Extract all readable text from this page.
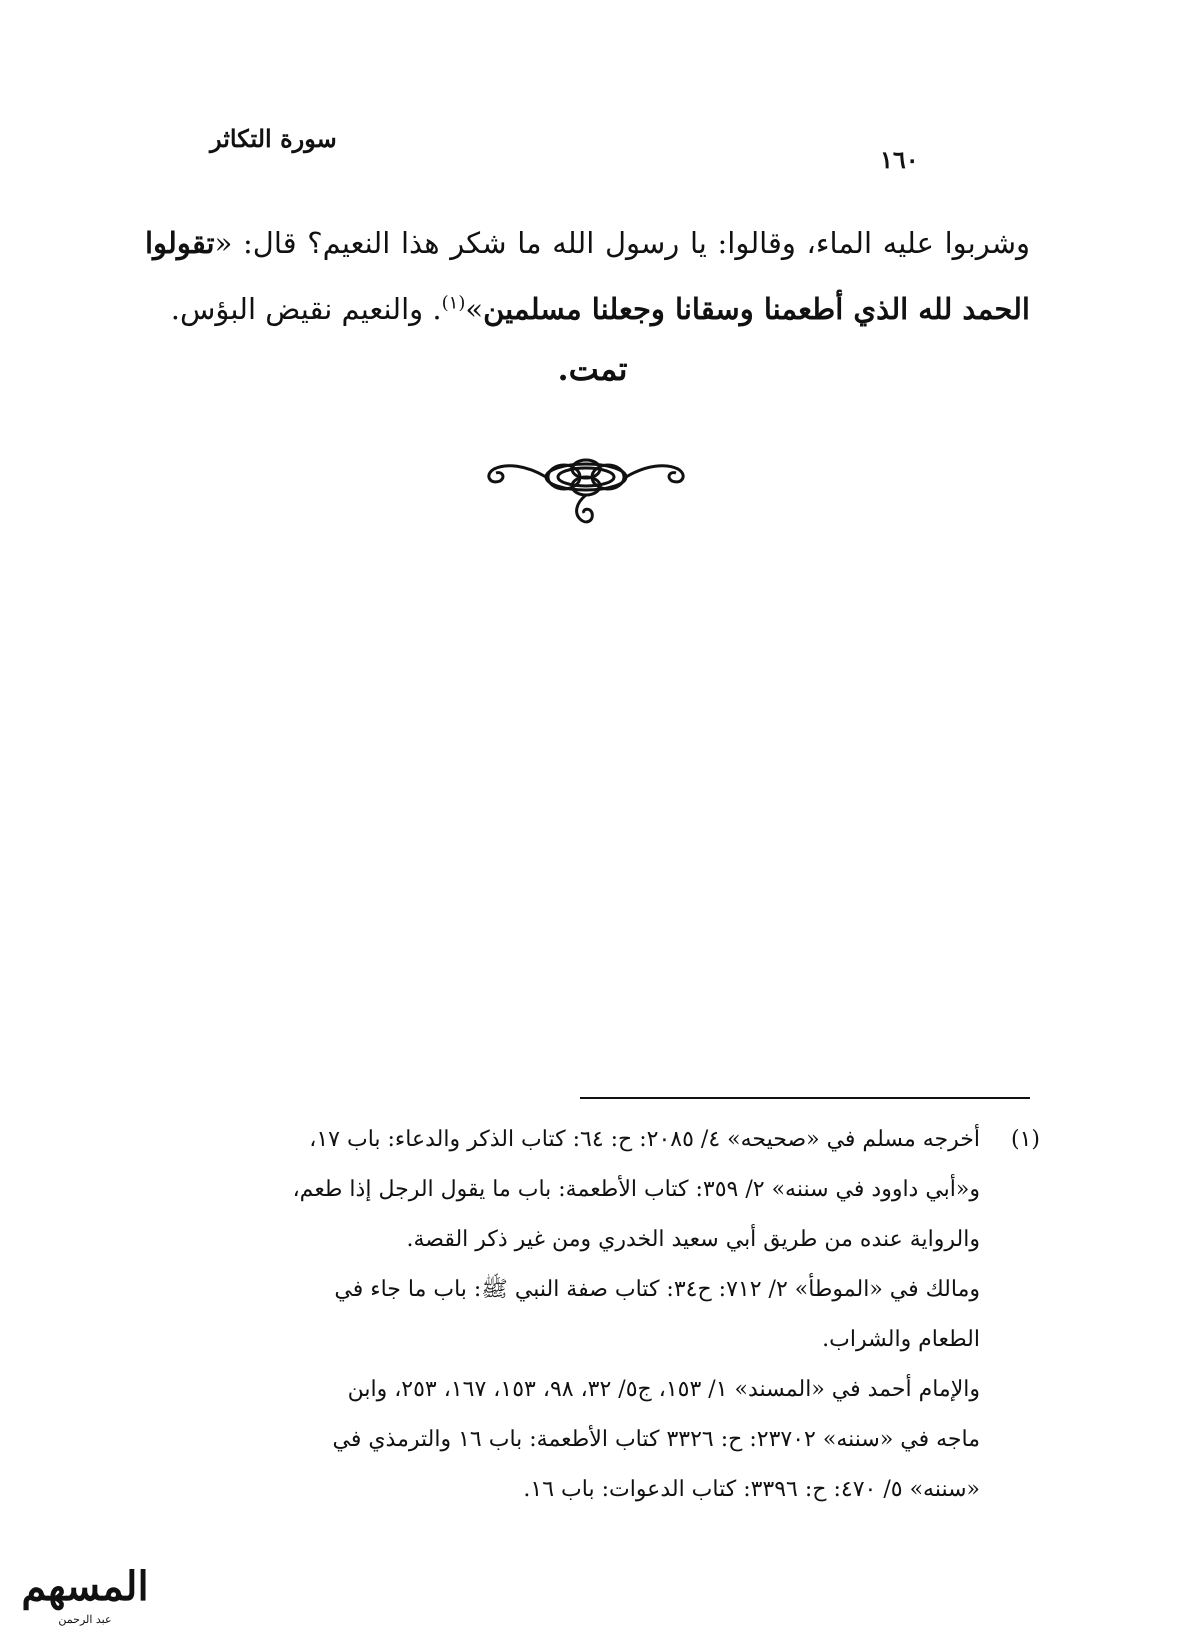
سورة التكاثر
١٦٠
وشربوا عليه الماء، وقالوا: يا رسول الله ما شكر هذا النعيم؟ قال: «تقولوا الحمد لله الذي أطعمنا وسقانا وجعلنا مسلمين»$^{(١)}$. والنعيم نقيض البؤس.
تمت.
(١)
أخرجه مسلم في «صحيحه» ٤/ ٢٠٨٥: ح: ٦٤: كتاب الذكر والدعاء: باب ١٧،
و«أبي داوود في سننه» ٢/ ٣٥٩: كتاب الأطعمة: باب ما يقول الرجل إذا طعم،
والرواية عنده من طريق أبي سعيد الخدري ومن غير ذكر القصة.
ومالك في «الموطأ» ٢/ ٧١٢: ح٣٤: كتاب صفة النبي ﷺ: باب ما جاء في
الطعام والشراب.
والإمام أحمد في «المسند» ١/ ١٥٣، ج٥/ ٣٢، ٩٨، ١٥٣، ١٦٧، ٢٥٣، وابن
ماجه في «سننه» ٢٣٧٠٢: ح: ٣٣٢٦ كتاب الأطعمة: باب ١٦ والترمذي في
«سننه» ٥/ ٤٧٠: ح: ٣٣٩٦: كتاب الدعوات: باب ١٦.
المسهم
عبد الرحمن
